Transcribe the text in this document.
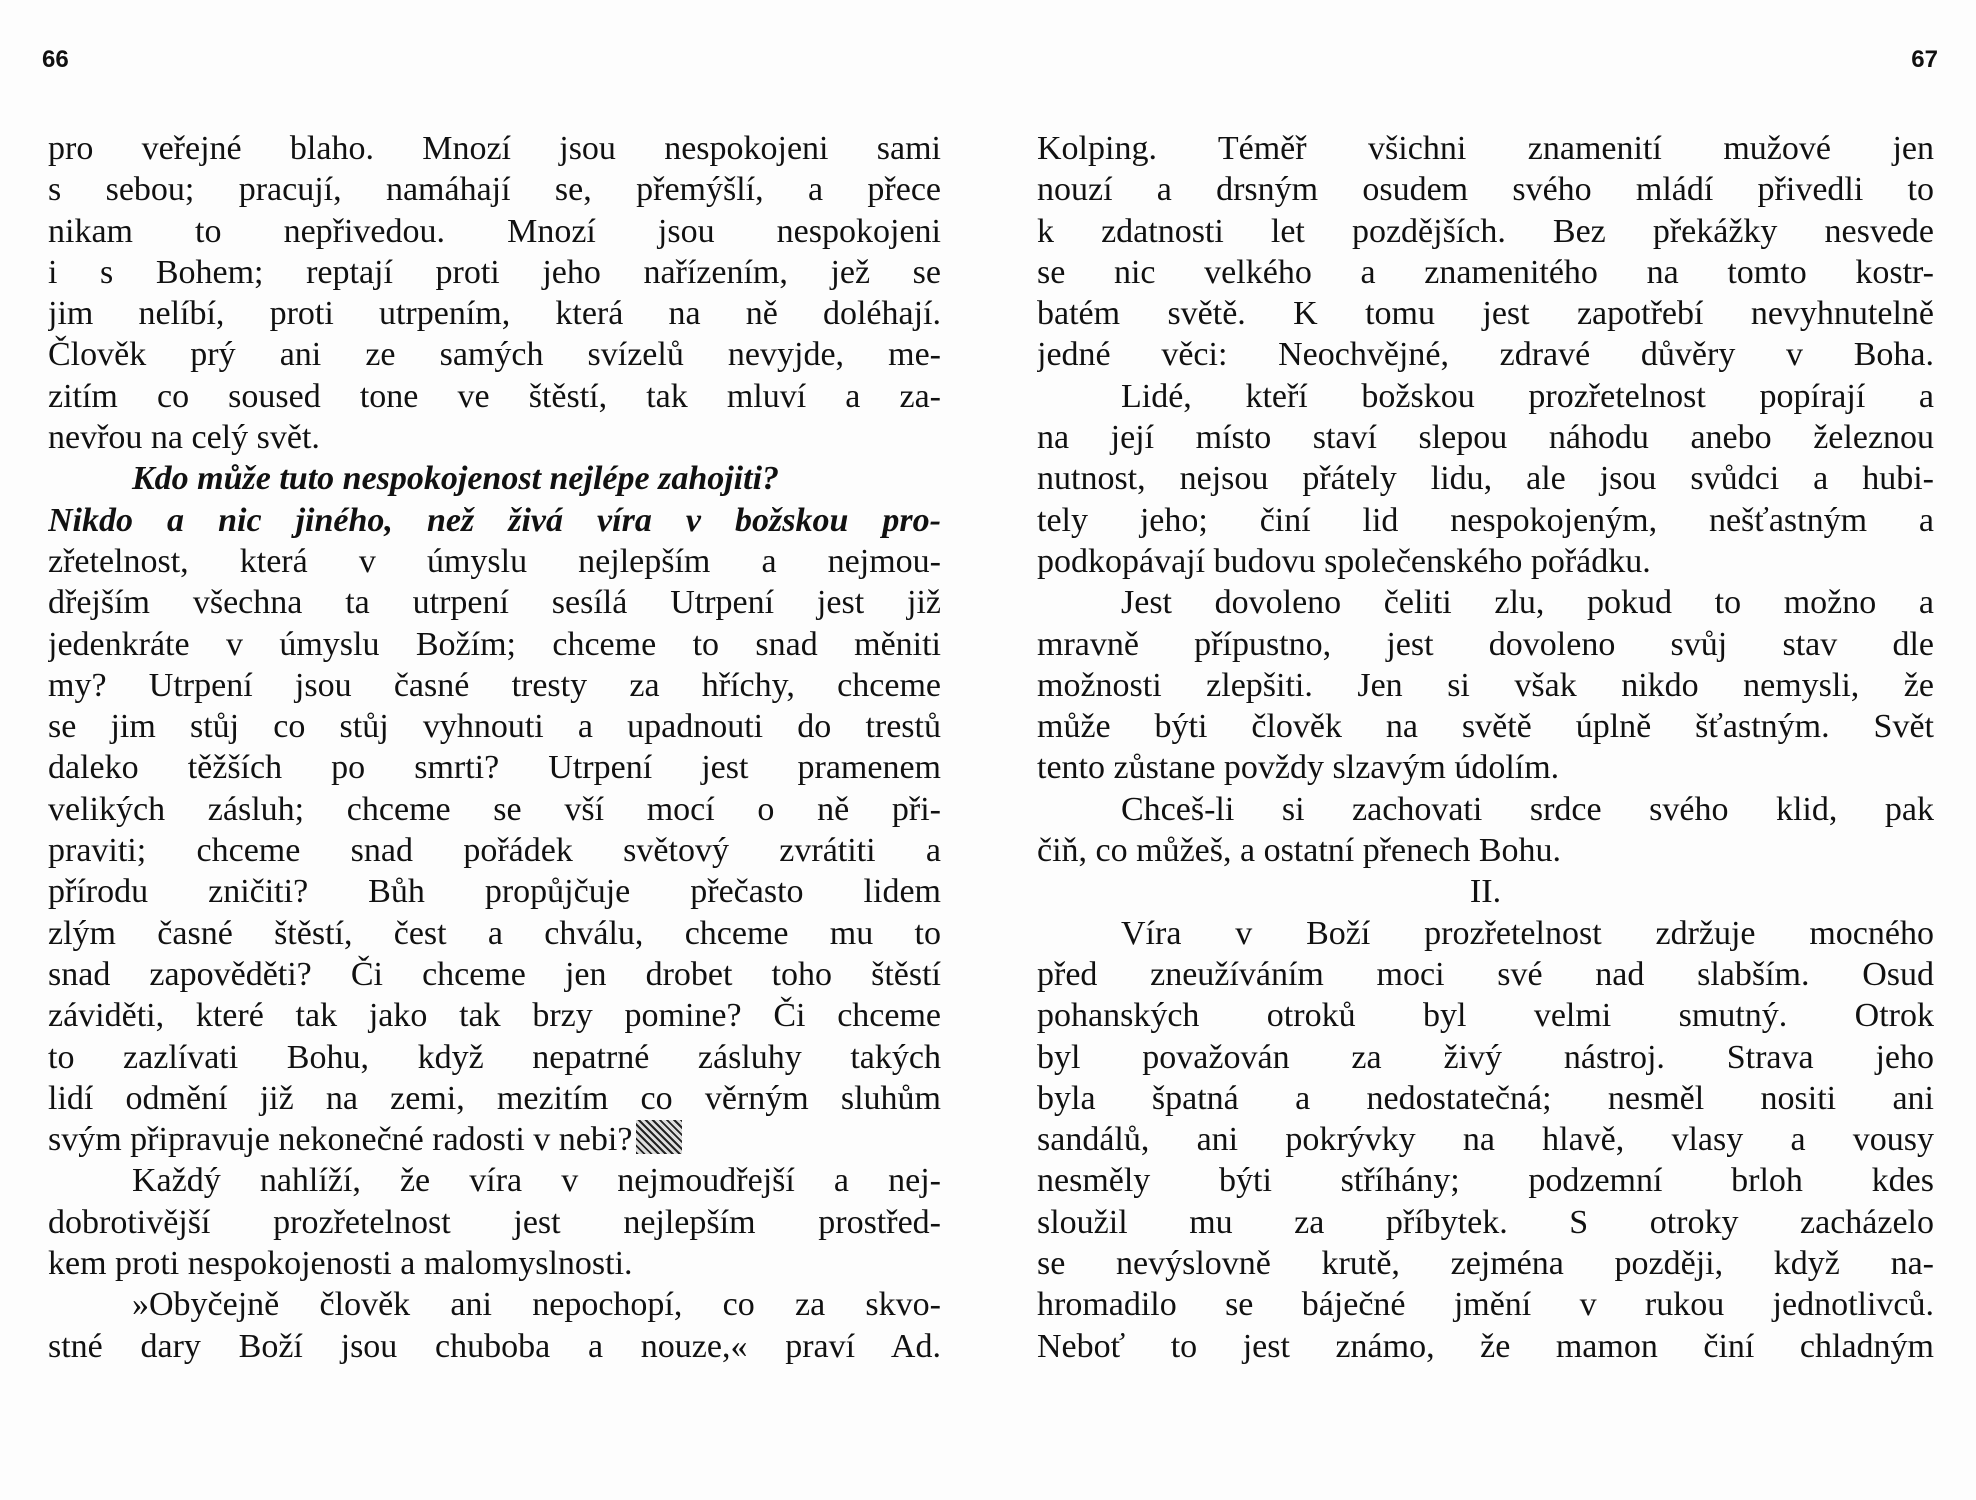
66
pro veřejné blaho. Mnozí jsou nespokojeni sami
s sebou; pracují, namáhají se, přemýšlí, a přece
nikam to nepřivedou. Mnozí jsou nespokojeni
i s Bohem; reptají proti jeho nařízením, jež se
jim nelíbí, proti utrpením, která na ně doléhají.
Člověk prý ani ze samých svízelů nevyjde, me-
zitím co soused tone ve štěstí, tak mluví a za-
nevřou na celý svět.
Kdo může tuto nespokojenost nejlépe zahojiti?
Nikdo a nic jiného, než živá víra v božskou pro-
zřetelnost, která v úmyslu nejlepším a nejmou-
dřejším všechna ta utrpení sesílá Utrpení jest již
jedenkráte v úmyslu Božím; chceme to snad měniti
my? Utrpení jsou časné tresty za hříchy, chceme
se jim stůj co stůj vyhnouti a upadnouti do trestů
daleko těžších po smrti? Utrpení jest pramenem
velikých zásluh; chceme se vší mocí o ně při-
praviti; chceme snad pořádek světový zvrátiti a
přírodu zničiti? Bůh propůjčuje přečasto lidem
zlým časné štěstí, čest a chválu, chceme mu to
snad zapověděti? Či chceme jen drobet toho štěstí
záviděti, které tak jako tak brzy pomine? Či chceme
to zazlívati Bohu, když nepatrné zásluhy takých
lidí odmění již na zemi, mezitím co věrným sluhům
svým připravuje nekonečné radosti v nebi?
Každý nahlíží, že víra v nejmoudřejší a nej-
dobrotivější prozřetelnost jest nejlepším prostřed-
kem proti nespokojenosti a malomyslnosti.
»Obyčejně člověk ani nepochopí, co za skvo-
stné dary Boží jsou chuboba a nouze,« praví Ad.
67
Kolping. Téměř všichni znamenití mužové jen
nouzí a drsným osudem svého mládí přivedli to
k zdatnosti let pozdějších. Bez překážky nesvede
se nic velkého a znamenitého na tomto kostr-
batém světě. K tomu jest zapotřebí nevyhnutelně
jedné věci: Neochvějné, zdravé důvěry v Boha.
Lidé, kteří božskou prozřetelnost popírají a
na její místo staví slepou náhodu anebo železnou
nutnost, nejsou přátely lidu, ale jsou svůdci a hubi-
tely jeho; činí lid nespokojeným, nešťastným a
podkopávají budovu společenského pořádku.
Jest dovoleno čeliti zlu, pokud to možno a
mravně přípustno, jest dovoleno svůj stav dle
možnosti zlepšiti. Jen si však nikdo nemysli, že
může býti člověk na světě úplně šťastným. Svět
tento zůstane povždy slzavým údolím.
Chceš-li si zachovati srdce svého klid, pak
čiň, co můžeš, a ostatní přenech Bohu.
II.
Víra v Boží prozřetelnost zdržuje mocného
před zneužíváním moci své nad slabším. Osud
pohanských otroků byl velmi smutný. Otrok
byl považován za živý nástroj. Strava jeho
byla špatná a nedostatečná; nesměl nositi ani
sandálů, ani pokrývky na hlavě, vlasy a vousy
nesměly býti stříhány; podzemní brloh kdes
sloužil mu za příbytek. S otroky zacházelo
se nevýslovně krutě, zejména později, když na-
hromadilo se báječné jmění v rukou jednotlivců.
Neboť to jest známo, že mamon činí chladným
